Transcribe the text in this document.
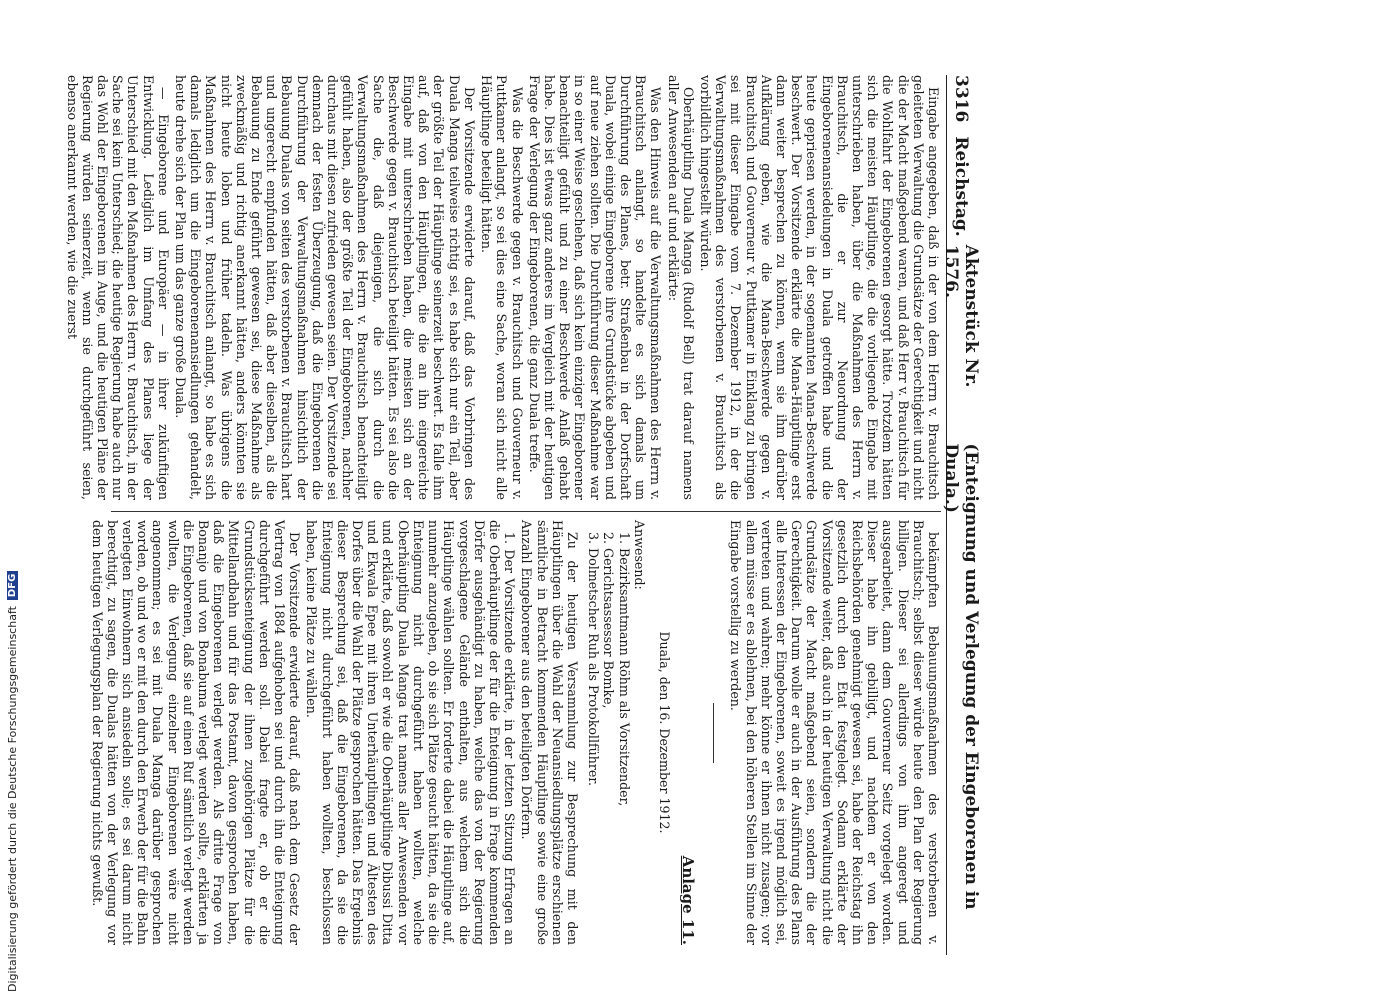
Digitalisierung gefördert durch die Deutsche Forschungsgemeinschaft
DFG
3316
Reichstag.
Aktenstück Nr. 1576.
(Enteignung und Verlegung der Eingeborenen in Duala.)

Eingabe angegeben, daß in der von dem Herrn v. Brauchitsch geleiteten Verwaltung die Grundsätze der Gerechtigkeit und nicht die der Macht maßgebend waren, und daß Herr v. Brauchitsch für die Wohlfahrt der Eingeborenen gesorgt hätte. Trotzdem hätten sich die meisten Häuptlinge, die die vorliegende Eingabe mit unterschrieben haben, über die Maßnahmen des Herrn v. Brauchitsch, die er zur Neuordnung der Eingeborenenansiedelungen in Duala getroffen habe und die heute gepriesen werden, in der sogenannten Mana-Beschwerde beschwert. Der Vorsitzende erklärte die Mana-Häuptlinge erst dann weiter besprechen zu können, wenn sie ihm darüber Aufklärung geben, wie die Mana-Beschwerde gegen v. Brauchitsch und Gouverneur v. Puttkamer in Einklang zu bringen sei mit dieser Eingabe vom 7. Dezember 1912, in der die Verwaltungsmaßnahmen des verstorbenen v. Brauchitsch als vorbildlich hingestellt würden.

Oberhäuptling Duala Manga (Rudolf Bell) trat darauf namens aller Anwesenden auf und erklärte:

Was den Hinweis auf die Verwaltungsmaßnahmen des Herrn v. Brauchitsch anlangt, so handelte es sich damals um Durchführung des Planes, betr. Straßenbau in der Dorfschaft Duala, wobei einige Eingeborene ihre Grundstücke abgeben und auf neue ziehen sollten. Die Durchführung dieser Maßnahme war in so einer Weise geschehen, daß sich kein einziger Eingeborener benachteiligt gefühlt und zu einer Beschwerde Anlaß gehabt habe. Dies ist etwas ganz anderes im Vergleich mit der heutigen Frage der Verlegung der Eingeborenen, die ganz Duala treffe.

Was die Beschwerde gegen v. Brauchitsch und Gouverneur v. Puttkamer anlangt, so sei dies eine Sache, woran sich nicht alle Häuptlinge beteiligt hätten.

Der Vorsitzende erwiderte darauf, daß das Vorbringen des Duala Manga teilweise richtig sei, es habe sich nur ein Teil, aber der größte Teil der Häuptlinge seinerzeit beschwert. Es falle ihm auf, daß von den Häuptlingen, die die an ihn eingereichte Eingabe mit unterschrieben haben, die meisten sich an der Beschwerde gegen v. Brauchitsch beteiligt hätten. Es sei also die Sache die, daß diejenigen, die sich durch die Verwaltungsmaßnahmen des Herrn v. Brauchitsch benachteiligt gefühlt haben, also der größte Teil der Eingeborenen, nachher durchaus mit diesen zufrieden gewesen seien. Der Vorsitzende sei demnach der festen Überzeugung, daß die Eingeborenen die Durchführung der Verwaltungsmaßnahmen hinsichtlich der Bebauung Dualas von seiten des verstorbenen v. Brauchitsch hart und ungerecht empfunden hätten, daß aber dieselben, als die Bebauung zu Ende geführt gewesen sei, diese Maßnahme als zweckmäßig und richtig anerkannt hätten, anders könnten sie nicht heute loben und früher tadeln. Was übrigens die Maßnahmen des Herrn v. Brauchitsch anlangt, so habe es sich damals lediglich um die Eingeborenenansiedlungen gehandelt, heute drehe sich der Plan um das ganze große Duala.

— Eingeborene und Europäer — in ihrer zukünftigen Entwicklung. Lediglich im Umfang des Planes liege der Unterschied mit den Maßnahmen des Herrn v. Brauchitsch, in der Sache sei kein Unterschied; die heutige Regierung habe auch nur das Wohl der Eingeborenen im Auge, und die heutigen Pläne der Regierung würden seinerzeit, wenn sie durchgeführt seien, ebenso anerkannt werden, wie die zuerst

bekämpften Bebauungsmaßnahmen des verstorbenen v. Brauchitsch; selbst dieser würde heute den Plan der Regierung billigen. Dieser sei allerdings von ihm angeregt und ausgearbeitet, dann dem Gouverneur Seitz vorgelegt worden. Dieser habe ihn gebilligt, und nachdem er von den Reichsbehörden genehmigt gewesen sei, habe der Reichstag ihn gesetzlich durch den Etat festgelegt. Sodann erklärte der Vorsitzende weiter, daß auch in der heutigen Verwaltung nicht die Grundsätze der Macht maßgebend seien, sondern die der Gerechtigkeit. Darum wolle er auch in der Ausführung des Plans alle Interessen der Eingeborenen, soweit es irgend möglich sei, vertreten und wahren; mehr könne er ihnen nicht zusagen; vor allem müsse er es ablehnen, bei den höheren Stellen im Sinne der Eingabe vorstellig zu werden.

Anlage 11.
Duala, den 16. Dezember 1912.
Anwesend:
1. Bezirksamtmann Röhm als Vorsitzender,
2. Gerichtsassessor Bomke,
3. Dolmetscher Ruh als Protokollführer.

Zu der heutigen Versammlung zur Besprechung mit den Häuptlingen über die Wahl der Neuansiedlungsplätze erschienen sämtliche in Betracht kommenden Häuptlinge sowie eine große Anzahl Eingeborener aus den beteiligten Dörfern.

1. Der Vorsitzende erklärte, in der letzten Sitzung Erfragen an die Oberhäuptlinge der für die Enteignung in Frage kommenden Dörfer ausgehändigt zu haben, welche das von der Regierung vorgeschlagene Gelände enthalten, aus welchem sich die Häuptlinge wählen sollten. Er forderte dabei die Häuptlinge auf, nunmehr anzugeben, ob sie sich Plätze gesucht hätten, da sie die Enteignung nicht durchgeführt haben wollten, welche Oberhäuptling Duala Manga trat namens aller Anwesenden vor und erklärte, daß sowohl er wie die Oberhäuptlinge Dibussi Ditta und Ekwala Epee mit ihren Unterhäuptlingen und Ältesten des Dorfes über die Wahl der Plätze gesprochen hätten. Das Ergebnis dieser Besprechung sei, daß die Eingeborenen, da sie die Enteignung nicht durchgeführt haben wollten, beschlossen haben, keine Plätze zu wählen.

Der Vorsitzende erwiderte darauf, daß nach dem Gesetz der Vertrag von 1884 aufgehoben sei und durch ihn die Enteignung durchgeführt werden soll. Dabei fragte er, ob er die Grundstücksenteignung der ihnen zugehörigen Plätze für die Mittellandbahn und für das Postamt, davon gesprochen haben, daß die Eingeborenen verlegt werden. Als dritte Frage von Bonanjo und von Bonabuma verlegt werden sollte, erklärten ja die Eingeborenen, daß sie auf einen Ruf sämtlich verlegt werden wollten, die Verlegung einzelner Eingeborenen wäre nicht angenommen; es sei mit Duala Manga darüber gesprochen worden, ob und wo er mit den durch den Erwerb der für die Bahn verlegten Einwohnern sich ansiedeln solle; es sei darum nicht berechtigt, zu sagen, die Dualas hätten von der Verlegung vor dem heutigen Verlegungsplan der Regierung nichts gewußt.
